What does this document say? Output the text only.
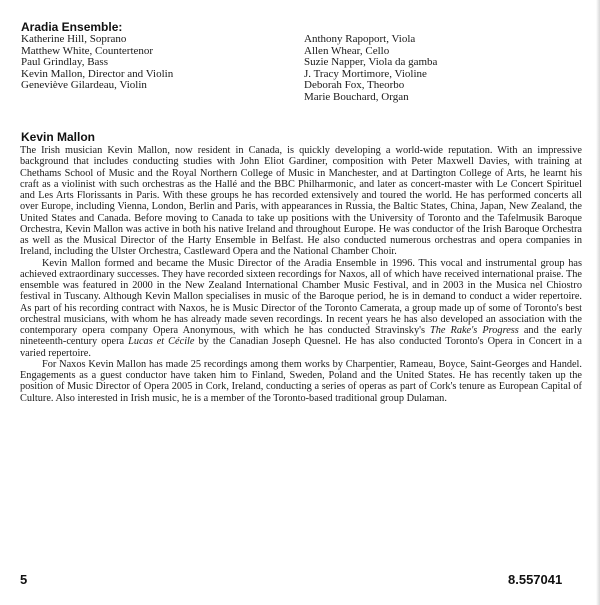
Aradia Ensemble:
Katherine Hill, Soprano
Matthew White, Countertenor
Paul Grindlay, Bass
Kevin Mallon, Director and Violin
Geneviève Gilardeau, Violin
Anthony Rapoport, Viola
Allen Whear, Cello
Suzie Napper, Viola da gamba
J. Tracy Mortimore, Violine
Deborah Fox, Theorbo
Marie Bouchard, Organ
Kevin Mallon

The Irish musician Kevin Mallon, now resident in Canada, is quickly developing a world-wide reputation. With an impressive background that includes conducting studies with John Eliot Gardiner, composition with Peter Maxwell Davies, with training at Chethams School of Music and the Royal Northern College of Music in Manchester, and at Dartington College of Arts, he learnt his craft as a violinist with such orchestras as the Hallé and the BBC Philharmonic, and later as concert-master with Le Concert Spirituel and Les Arts Florissants in Paris. With these groups he has recorded extensively and toured the world. He has performed concerts all over Europe, including Vienna, London, Berlin and Paris, with appearances in Russia, the Baltic States, China, Japan, New Zealand, the United States and Canada. Before moving to Canada to take up positions with the University of Toronto and the Tafelmusik Baroque Orchestra, Kevin Mallon was active in both his native Ireland and throughout Europe. He was conductor of the Irish Baroque Orchestra as well as the Musical Director of the Harty Ensemble in Belfast. He also conducted numerous orchestras and opera companies in Ireland, including the Ulster Orchestra, Castleward Opera and the National Chamber Choir.

Kevin Mallon formed and became the Music Director of the Aradia Ensemble in 1996. This vocal and instrumental group has achieved extraordinary successes. They have recorded sixteen recordings for Naxos, all of which have received international praise. The ensemble was featured in 2000 in the New Zealand International Chamber Music Festival, and in 2003 in the Musica nel Chiostro festival in Tuscany. Although Kevin Mallon specialises in music of the Baroque period, he is in demand to conduct a wider repertoire. As part of his recording contract with Naxos, he is Music Director of the Toronto Camerata, a group made up of some of Toronto's best orchestral musicians, with whom he has already made seven recordings. In recent years he has also developed an association with the contemporary opera company Opera Anonymous, with which he has conducted Stravinsky's The Rake's Progress and the early nineteenth-century opera Lucas et Cécile by the Canadian Joseph Quesnel. He has also conducted Toronto's Opera in Concert in a varied repertoire.

For Naxos Kevin Mallon has made 25 recordings among them works by Charpentier, Rameau, Boyce, Saint-Georges and Handel. Engagements as a guest conductor have taken him to Finland, Sweden, Poland and the United States. He has recently taken up the position of Music Director of Opera 2005 in Cork, Ireland, conducting a series of operas as part of Cork's tenure as European Capital of Culture. Also interested in Irish music, he is a member of the Toronto-based traditional group Dulaman.

5	8.557041
